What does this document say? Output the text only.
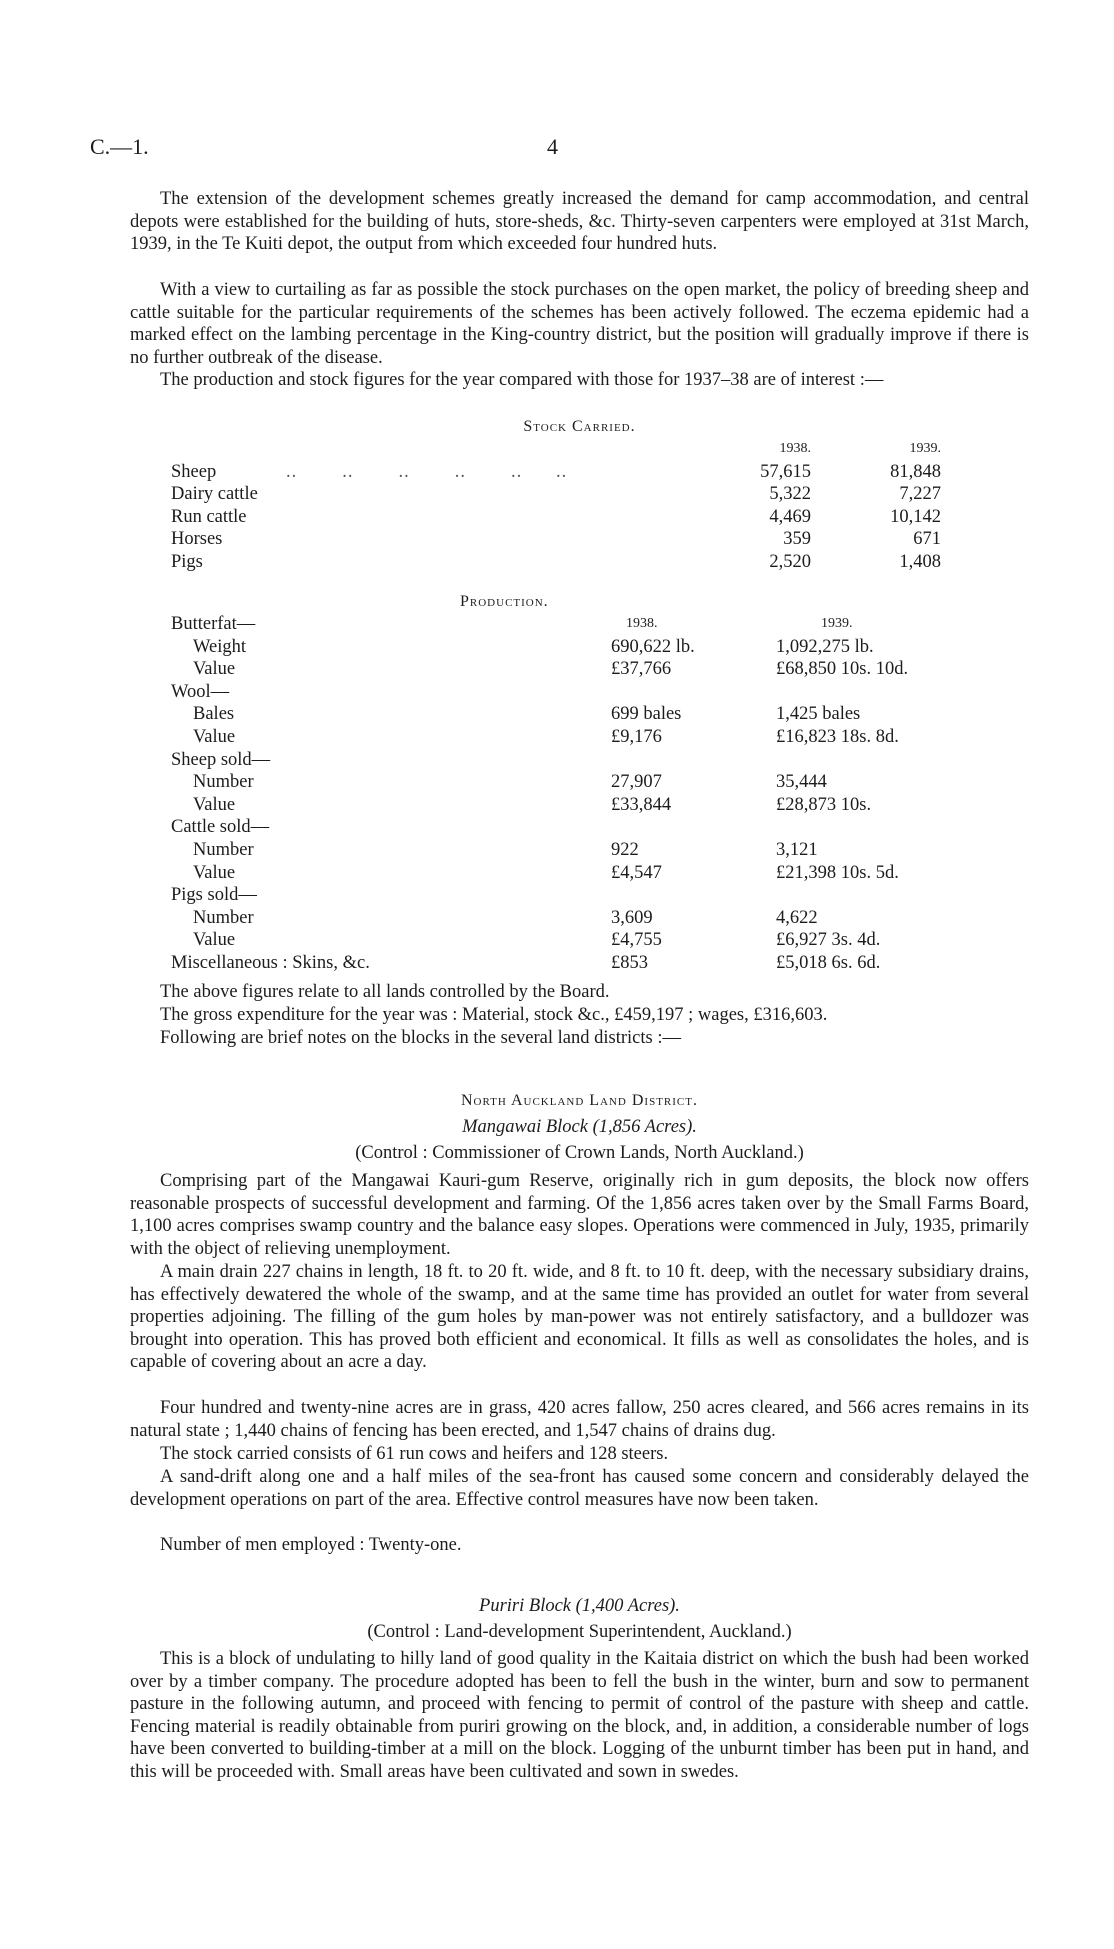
C.—1.	4

The extension of the development schemes greatly increased the demand for camp accommodation, and central depots were established for the building of huts, store-sheds, &c. Thirty-seven carpenters were employed at 31st March, 1939, in the Te Kuiti depot, the output from which exceeded four hundred huts.

With a view to curtailing as far as possible the stock purchases on the open market, the policy of breeding sheep and cattle suitable for the particular requirements of the schemes has been actively followed. The eczema epidemic had a marked effect on the lambing percentage in the King-country district, but the position will gradually improve if there is no further outbreak of the disease.

The production and stock figures for the year compared with those for 1937–38 are of interest :—

Stock Carried.

	1938.	1939.
Sheep ..        ..        ..        ..        ..      ..	57,615	81,848
Dairy cattle	5,322	7,227
Run cattle	4,469	10,142
Horses	359	671
Pigs	2,520	1,408

Production.

Butterfat—	1938.	1939.
Weight	690,622 lb.	1,092,275 lb.
Value	£37,766	£68,850 10s. 10d.
Wool—		
Bales	699 bales	1,425 bales
Value	£9,176	£16,823 18s. 8d.
Sheep sold—		
Number	27,907	35,444
Value	£33,844	£28,873 10s.
Cattle sold—		
Number	922	3,121
Value	£4,547	£21,398 10s. 5d.
Pigs sold—		
Number	3,609	4,622
Value	£4,755	£6,927 3s. 4d.
Miscellaneous : Skins, &c.	£853	£5,018 6s. 6d.

The above figures relate to all lands controlled by the Board.

The gross expenditure for the year was : Material, stock &c., £459,197 ; wages, £316,603.

Following are brief notes on the blocks in the several land districts :—

North Auckland Land District.

Mangawai Block (1,856 Acres).

(Control : Commissioner of Crown Lands, North Auckland.)

Comprising part of the Mangawai Kauri-gum Reserve, originally rich in gum deposits, the block now offers reasonable prospects of successful development and farming. Of the 1,856 acres taken over by the Small Farms Board, 1,100 acres comprises swamp country and the balance easy slopes. Operations were commenced in July, 1935, primarily with the object of relieving unemployment.

A main drain 227 chains in length, 18 ft. to 20 ft. wide, and 8 ft. to 10 ft. deep, with the necessary subsidiary drains, has effectively dewatered the whole of the swamp, and at the same time has provided an outlet for water from several properties adjoining. The filling of the gum holes by man-power was not entirely satisfactory, and a bulldozer was brought into operation. This has proved both efficient and economical. It fills as well as consolidates the holes, and is capable of covering about an acre a day.

Four hundred and twenty-nine acres are in grass, 420 acres fallow, 250 acres cleared, and 566 acres remains in its natural state ; 1,440 chains of fencing has been erected, and 1,547 chains of drains dug.

The stock carried consists of 61 run cows and heifers and 128 steers.

A sand-drift along one and a half miles of the sea-front has caused some concern and considerably delayed the development operations on part of the area. Effective control measures have now been taken.

Number of men employed : Twenty-one.

Puriri Block (1,400 Acres).

(Control : Land-development Superintendent, Auckland.)

This is a block of undulating to hilly land of good quality in the Kaitaia district on which the bush had been worked over by a timber company. The procedure adopted has been to fell the bush in the winter, burn and sow to permanent pasture in the following autumn, and proceed with fencing to permit of control of the pasture with sheep and cattle. Fencing material is readily obtainable from puriri growing on the block, and, in addition, a considerable number of logs have been converted to building-timber at a mill on the block. Logging of the unburnt timber has been put in hand, and this will be proceeded with. Small areas have been cultivated and sown in swedes.
